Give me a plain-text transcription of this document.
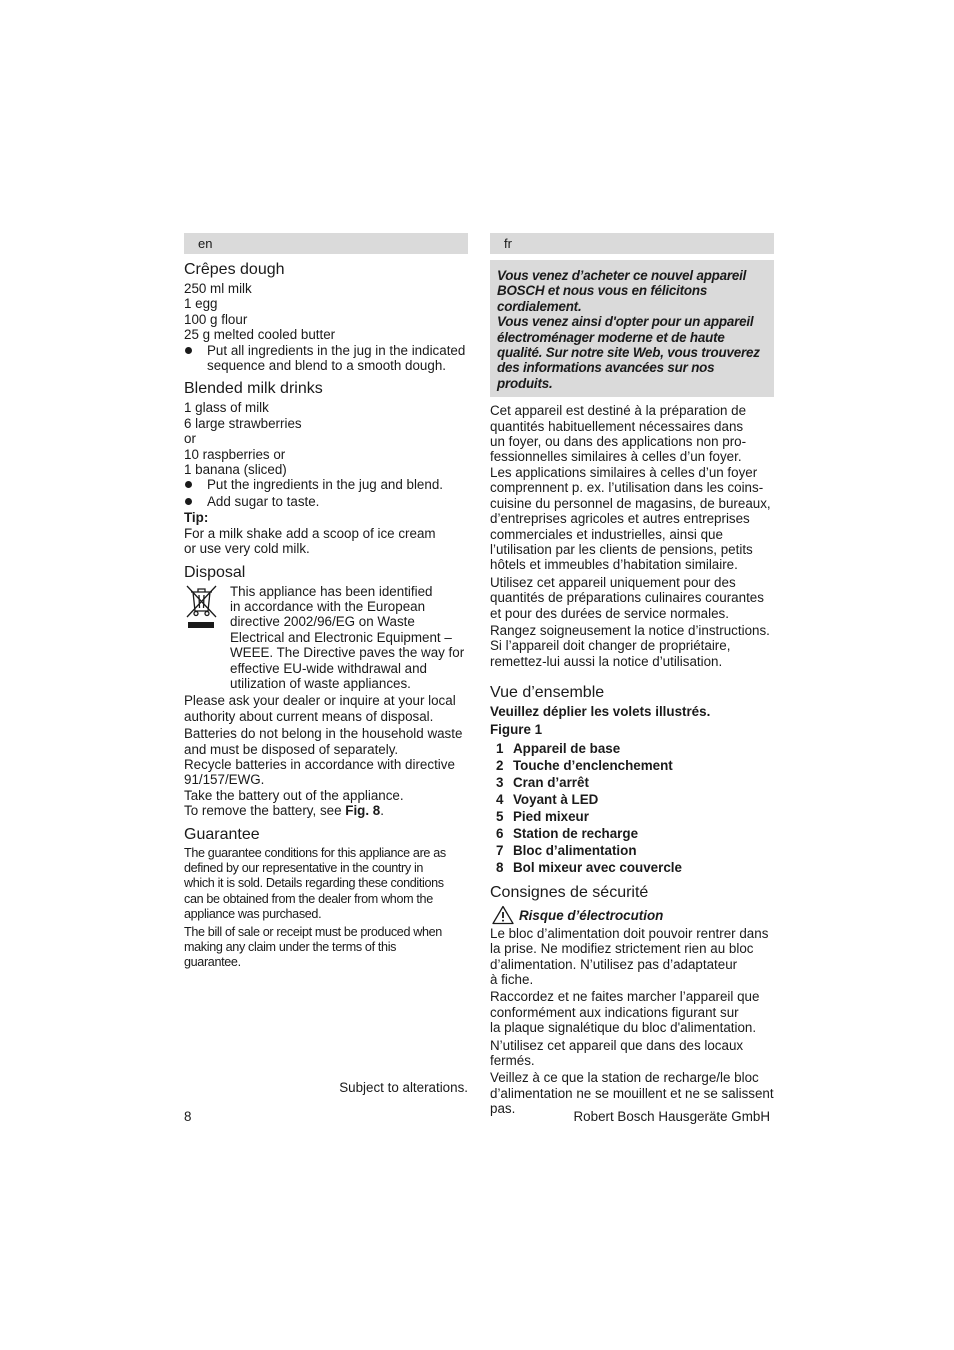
en
Crêpes dough
250 ml milk
1 egg
100 g flour
25 g melted cooled butter
Put all ingredients in the jug in the indicated sequence and blend to a smooth dough.
Blended milk drinks
1 glass of milk
6 large strawberries
or
10 raspberries or
1 banana (sliced)
Put the ingredients in the jug and blend.
Add sugar to taste.
Tip:
For a milk shake add a scoop of ice cream
or use very cold milk.
Disposal
This appliance has been identified
in accordance with the European
directive 2002/96/EG on Waste
Electrical and Electronic Equipment –
WEEE. The Directive paves the way for
effective EU-wide withdrawal and
utilization of waste appliances.
Please ask your dealer or inquire at your local
authority about current means of disposal.
Batteries do not belong in the household waste
and must be disposed of separately.
Recycle batteries in accordance with directive
91/157/EWG.
Take the battery out of the appliance.
To remove the battery, see Fig. 8.
Guarantee
The guarantee conditions for this appliance are as
defined by our representative in the country in
which it is sold. Details regarding these conditions
can be obtained from the dealer from whom the
appliance was purchased.
The bill of sale or receipt must be produced when
making any claim under the terms of this
guarantee.
Subject to alterations.
fr
Vous venez d’acheter ce nouvel appareil
BOSCH et nous vous en félicitons
cordialement.
Vous venez ainsi d'opter pour un appareil
électroménager moderne et de haute
qualité. Sur notre site Web, vous trouverez
des informations avancées sur nos produits.
Cet appareil est destiné à la préparation de
quantités habituellement nécessaires dans
un foyer, ou dans des applications non pro-
fessionnelles similaires à celles d’un foyer.
Les applications similaires à celles d’un foyer
comprennent p. ex. l’utilisation dans les coins-
cuisine du personnel de magasins, de bureaux,
d’entreprises agricoles et autres entreprises
commerciales et industrielles, ainsi que
l’utilisation par les clients de pensions, petits
hôtels et immeubles d’habitation similaire.
Utilisez cet appareil uniquement pour des
quantités de préparations culinaires courantes
et pour des durées de service normales.
Rangez soigneusement la notice d’instructions.
Si l’appareil doit changer de propriétaire,
remettez-lui aussi la notice d’utilisation.
Vue d’ensemble
Veuillez déplier les volets illustrés.
Figure 1
1 Appareil de base
2 Touche d’enclenchement
3 Cran d’arrêt
4 Voyant à LED
5 Pied mixeur
6 Station de recharge
7 Bloc d’alimentation
8 Bol mixeur avec couvercle
Consignes de sécurité
Risque d’électrocution
Le bloc d’alimentation doit pouvoir rentrer dans
la prise. Ne modifiez strictement rien au bloc
d’alimentation. N’utilisez pas d’adaptateur
à fiche.
Raccordez et ne faites marcher l’appareil que
conformément aux indications figurant sur
la plaque signalétique du bloc d'alimentation.
N’utilisez cet appareil que dans des locaux
fermés.
Veillez à ce que la station de recharge/le bloc
d’alimentation ne se mouillent et ne se salissent
pas.
8	Robert Bosch Hausgeräte GmbH
